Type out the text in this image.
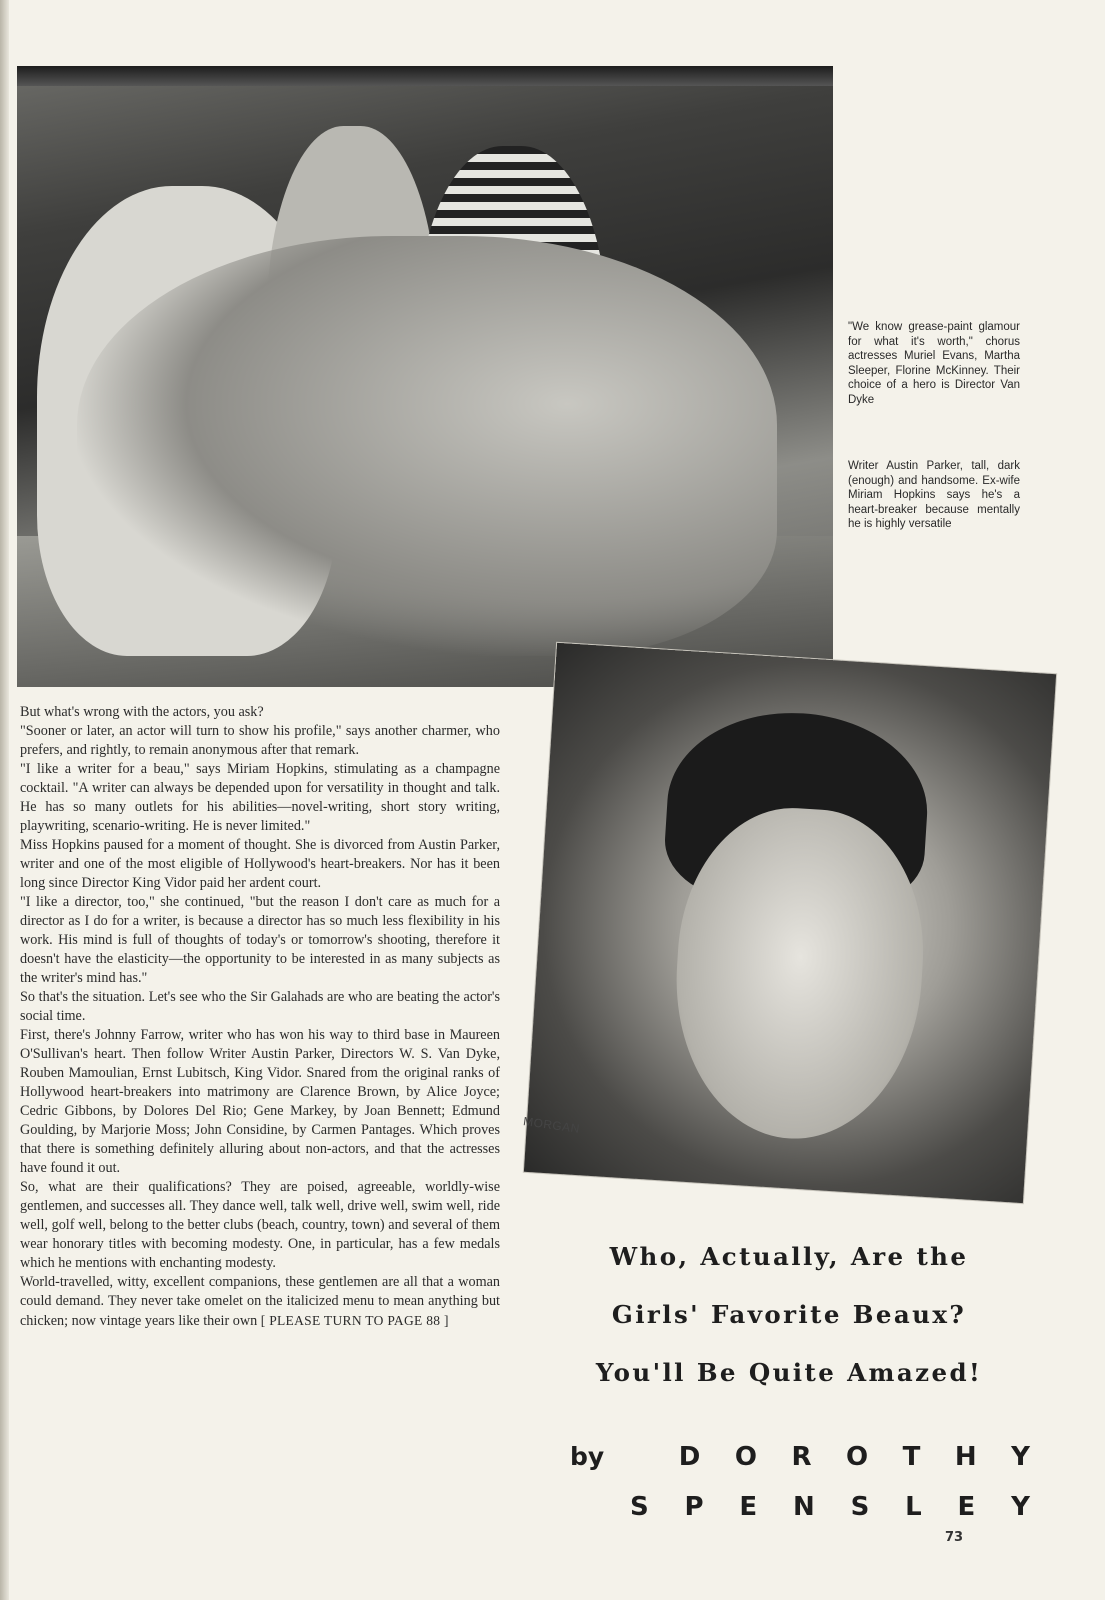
"We know grease-paint glamour for what it's worth," chorus actresses Muriel Evans, Martha Sleeper, Florine McKinney. Their choice of a hero is Director Van Dyke

Writer Austin Parker, tall, dark (enough) and handsome. Ex-wife Miriam Hopkins says he's a heart-breaker because mentally he is highly versatile

MORGAN

But what's wrong with the actors, you ask?

"Sooner or later, an actor will turn to show his profile," says another charmer, who prefers, and rightly, to remain anonymous after that remark.

"I like a writer for a beau," says Miriam Hopkins, stimulating as a champagne cocktail. "A writer can always be depended upon for versatility in thought and talk. He has so many outlets for his abilities—novel-writing, short story writing, playwriting, scenario-writing. He is never limited."

Miss Hopkins paused for a moment of thought. She is divorced from Austin Parker, writer and one of the most eligible of Hollywood's heart-breakers. Nor has it been long since Director King Vidor paid her ardent court.

"I like a director, too," she continued, "but the reason I don't care as much for a director as I do for a writer, is because a director has so much less flexibility in his work. His mind is full of thoughts of today's or tomorrow's shooting, therefore it doesn't have the elasticity—the opportunity to be interested in as many subjects as the writer's mind has."

So that's the situation. Let's see who the Sir Galahads are who are beating the actor's social time.

First, there's Johnny Farrow, writer who has won his way to third base in Maureen O'Sullivan's heart. Then follow Writer Austin Parker, Directors W. S. Van Dyke, Rouben Mamoulian, Ernst Lubitsch, King Vidor. Snared from the original ranks of Hollywood heart-breakers into matrimony are Clarence Brown, by Alice Joyce; Cedric Gibbons, by Dolores Del Rio; Gene Markey, by Joan Bennett; Edmund Goulding, by Marjorie Moss; John Considine, by Carmen Pantages. Which proves that there is something definitely alluring about non-actors, and that the actresses have found it out.

So, what are their qualifications? They are poised, agreeable, worldly-wise gentlemen, and successes all. They dance well, talk well, drive well, swim well, ride well, golf well, belong to the better clubs (beach, country, town) and several of them wear honorary titles with becoming modesty. One, in particular, has a few medals which he mentions with enchanting modesty.

World-travelled, witty, excellent companions, these gentlemen are all that a woman could demand. They never take omelet on the italicized menu to mean anything but chicken; now vintage years like their own [ PLEASE TURN TO PAGE 88 ]

Who, Actually, Are the
Girls' Favorite Beaux?
You'll Be Quite Amazed!
by	D O R O T H Y
S P E N S L E Y
73
